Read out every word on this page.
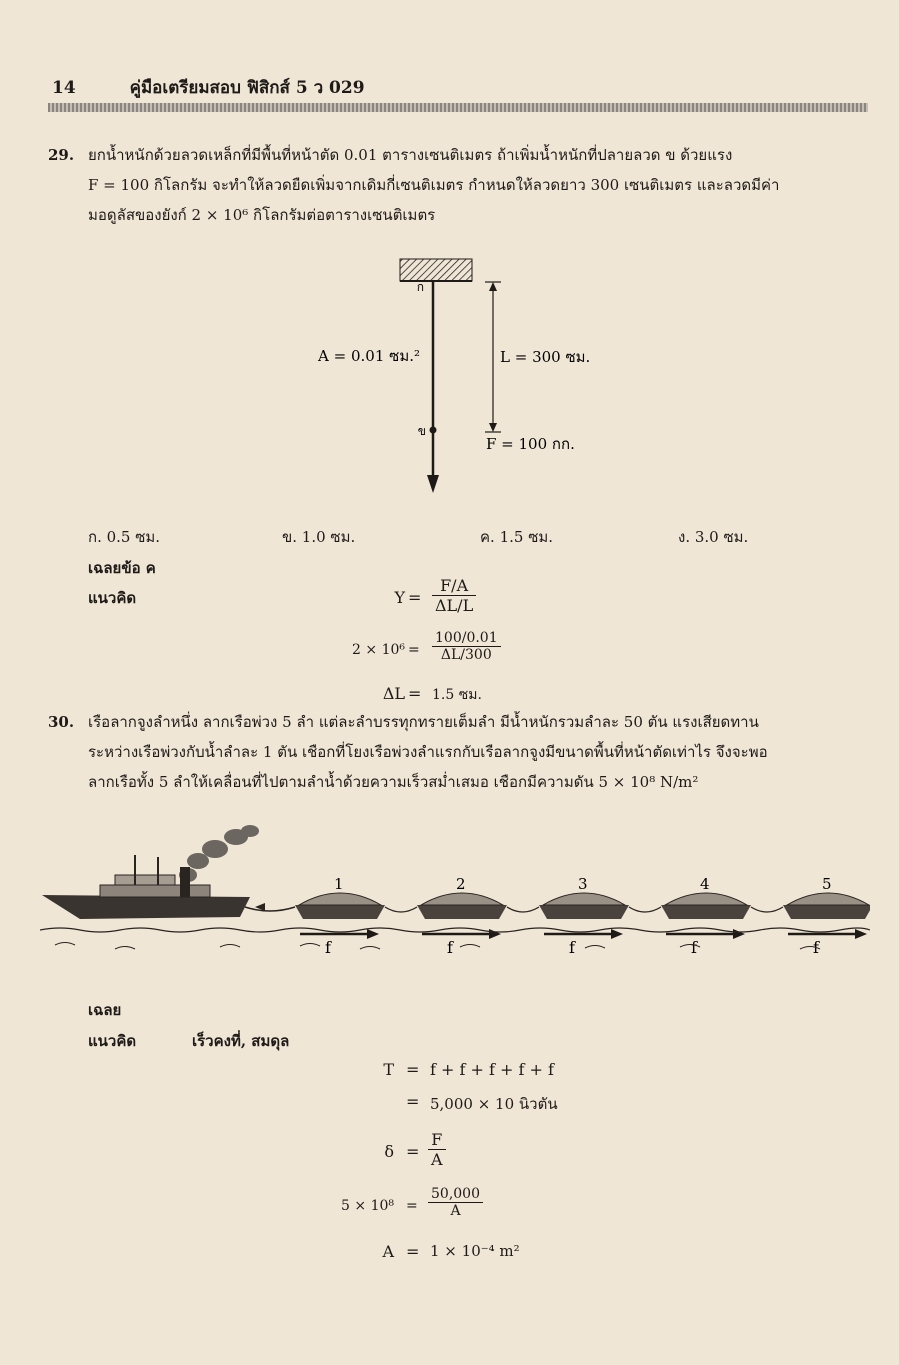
14	คู่มือเตรียมสอบ ฟิสิกส์ 5 ว 029
29. ยกน้ำหนักด้วยลวดเหล็กที่มีพื้นที่หน้าตัด 0.01 ตารางเซนติเมตร ถ้าเพิ่มน้ำหนักที่ปลายลวด ข ด้วยแรง
F = 100 กิโลกรัม จะทำให้ลวดยืดเพิ่มจากเดิมกี่เซนติเมตร กำหนดให้ลวดยาว 300 เซนติเมตร และลวดมีค่า
มอดูลัสของยังก์ 2 × 10⁶ กิโลกรัมต่อตารางเซนติเมตร
ก
ข
A = 0.01 ซม.²	L = 300 ซม.
F = 100 กก.
ก. 0.5 ซม.	ข. 1.0 ซม.	ค. 1.5 ซม.	ง. 3.0 ซม.
เฉลยข้อ ค
แนวคิด	$Y = \frac{F/A}{\Delta L/L}$
$2 \times 10^6 = \frac{100/0.01}{\Delta L/300}$
ΔL = 1.5 ซม.
30. เรือลากจูงลำหนึ่ง ลากเรือพ่วง 5 ลำ แต่ละลำบรรทุกทรายเต็มลำ มีน้ำหนักรวมลำละ 50 ตัน แรงเสียดทาน
ระหว่างเรือพ่วงกับน้ำลำละ 1 ตัน เชือกที่โยงเรือพ่วงลำแรกกับเรือลากจูงมีขนาดพื้นที่หน้าตัดเท่าไร จึงจะพอ
ลากเรือทั้ง 5 ลำให้เคลื่อนที่ไปตามลำน้ำด้วยความเร็วสม่ำเสมอ เชือกมีความดัน 5 × 10⁸ N/m²
1
f
2
f
3
f
4
f
5
f
เฉลย
แนวคิด	เร็วคงที่, สมดุล
T = f + f + f + f + f
= 5,000 × 10 นิวตัน
$\delta = \frac{F}{A}$
$5 \times 10^8 = \frac{50,000}{A}$
A = 1 × 10⁻⁴ m²
